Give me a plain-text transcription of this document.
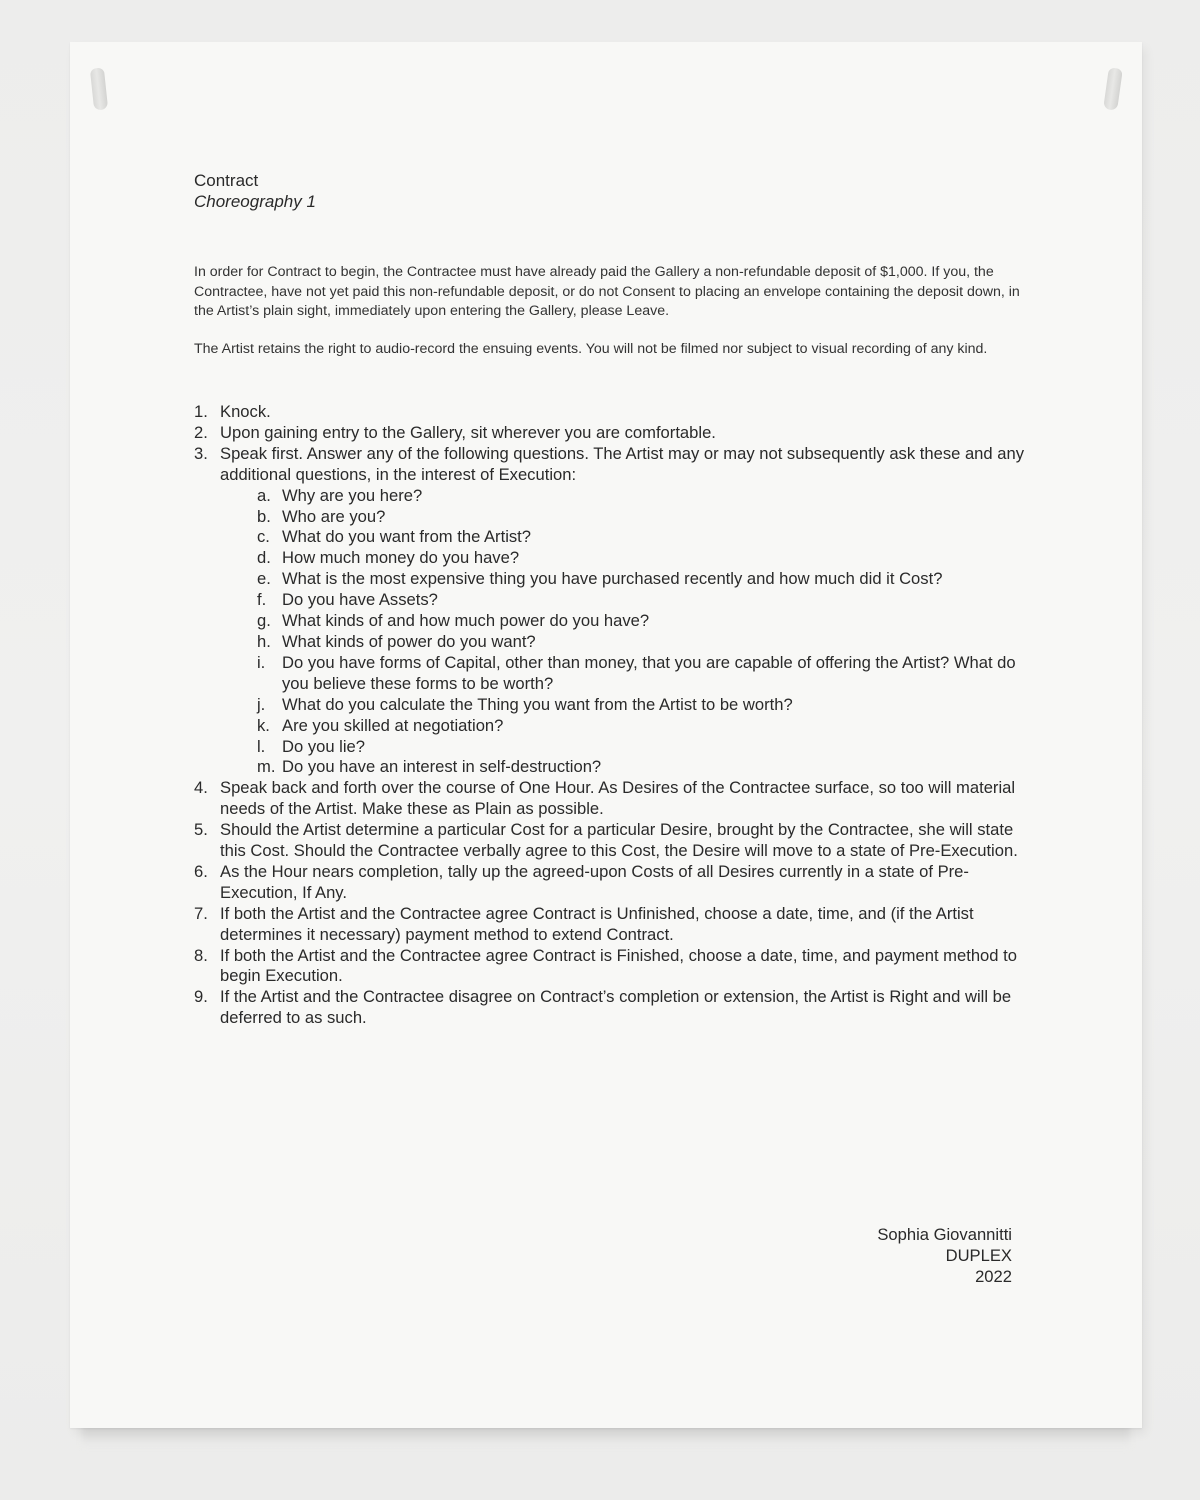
Contract

Choreography 1

In order for Contract to begin, the Contractee must have already paid the Gallery a non-refundable deposit of $1,000. If you, the Contractee, have not yet paid this non-refundable deposit, or do not Consent to placing an envelope containing the deposit down, in the Artist’s plain sight, immediately upon entering the Gallery, please Leave.

The Artist retains the right to audio-record the ensuing events. You will not be filmed nor subject to visual recording of any kind.

1. Knock.
2. Upon gaining entry to the Gallery, sit wherever you are comfortable.
3. Speak first. Answer any of the following questions. The Artist may or may not subsequently ask these and any additional questions, in the interest of Execution:
a. Why are you here?
b. Who are you?
c. What do you want from the Artist?
d. How much money do you have?
e. What is the most expensive thing you have purchased recently and how much did it Cost?
f. Do you have Assets?
g. What kinds of and how much power do you have?
h. What kinds of power do you want?
i.	Do you have forms of Capital, other than money, that you are capable of offering the Artist? What do you believe these forms to be worth?
j.	What do you calculate the Thing you want from the Artist to be worth?
k. Are you skilled at negotiation?
l.	Do you lie?
m. Do you have an interest in self-destruction?
4. Speak back and forth over the course of One Hour. As Desires of the Contractee surface, so too will material needs of the Artist. Make these as Plain as possible.
5. Should the Artist determine a particular Cost for a particular Desire, brought by the Contractee, she will state this Cost. Should the Contractee verbally agree to this Cost, the Desire will move to a state of Pre-Execution.
6. As the Hour nears completion, tally up the agreed-upon Costs of all Desires currently in a state of Pre-Execution, If Any.
7. If both the Artist and the Contractee agree Contract is Unfinished, choose a date, time, and (if the Artist determines it necessary) payment method to extend Contract.
8. If both the Artist and the Contractee agree Contract is Finished, choose a date, time, and payment method to begin Execution.
9. If the Artist and the Contractee disagree on Contract’s completion or extension, the Artist is Right and will be deferred to as such.
Sophia Giovannitti
DUPLEX
2022
